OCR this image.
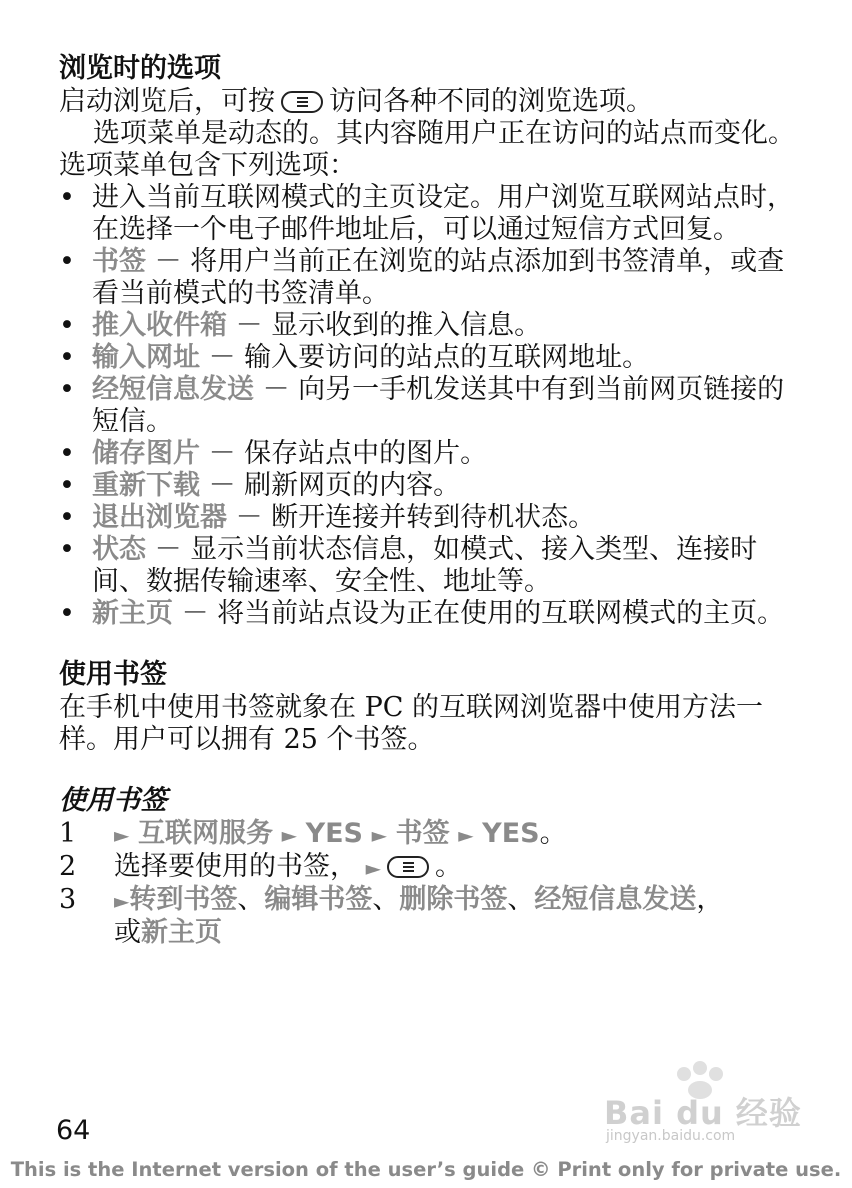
浏览时的选项

启动浏览后，可按 访问各种不同的浏览选项。

选项菜单是动态的。其内容随用户正在访问的站点而变化。

选项菜单包含下列选项：

• 进入当前互联网模式的主页设定。用户浏览互联网站点时，在选择一个电子邮件地址后，可以通过短信方式回复。
• 书签 － 将用户当前正在浏览的站点添加到书签清单，或查看当前模式的书签清单。
• 推入收件箱 － 显示收到的推入信息。
• 输入网址 － 输入要访问的站点的互联网地址。
• 经短信息发送 － 向另一手机发送其中有到当前网页链接的短信。
• 储存图片 － 保存站点中的图片。
• 重新下载 － 刷新网页的内容。
• 退出浏览器 － 断开连接并转到待机状态。
• 状态 － 显示当前状态信息，如模式、接入类型、连接时间、数据传输速率、安全性、地址等。
• 新主页 － 将当前站点设为正在使用的互联网模式的主页。
使用书签

在手机中使用书签就象在 PC 的互联网浏览器中使用方法一样。用户可以拥有 25 个书签。

使用书签
1 ► 互联网服务 ► YES ► 书签 ► YES。
2 选择要使用的书签， ► 。
3 ►转到书签、编辑书签、删除书签、经短信息发送，
或新主页
Bai du 经验
jingyan.baidu.com
64
This is the Internet version of the user’s guide © Print only for private use.
